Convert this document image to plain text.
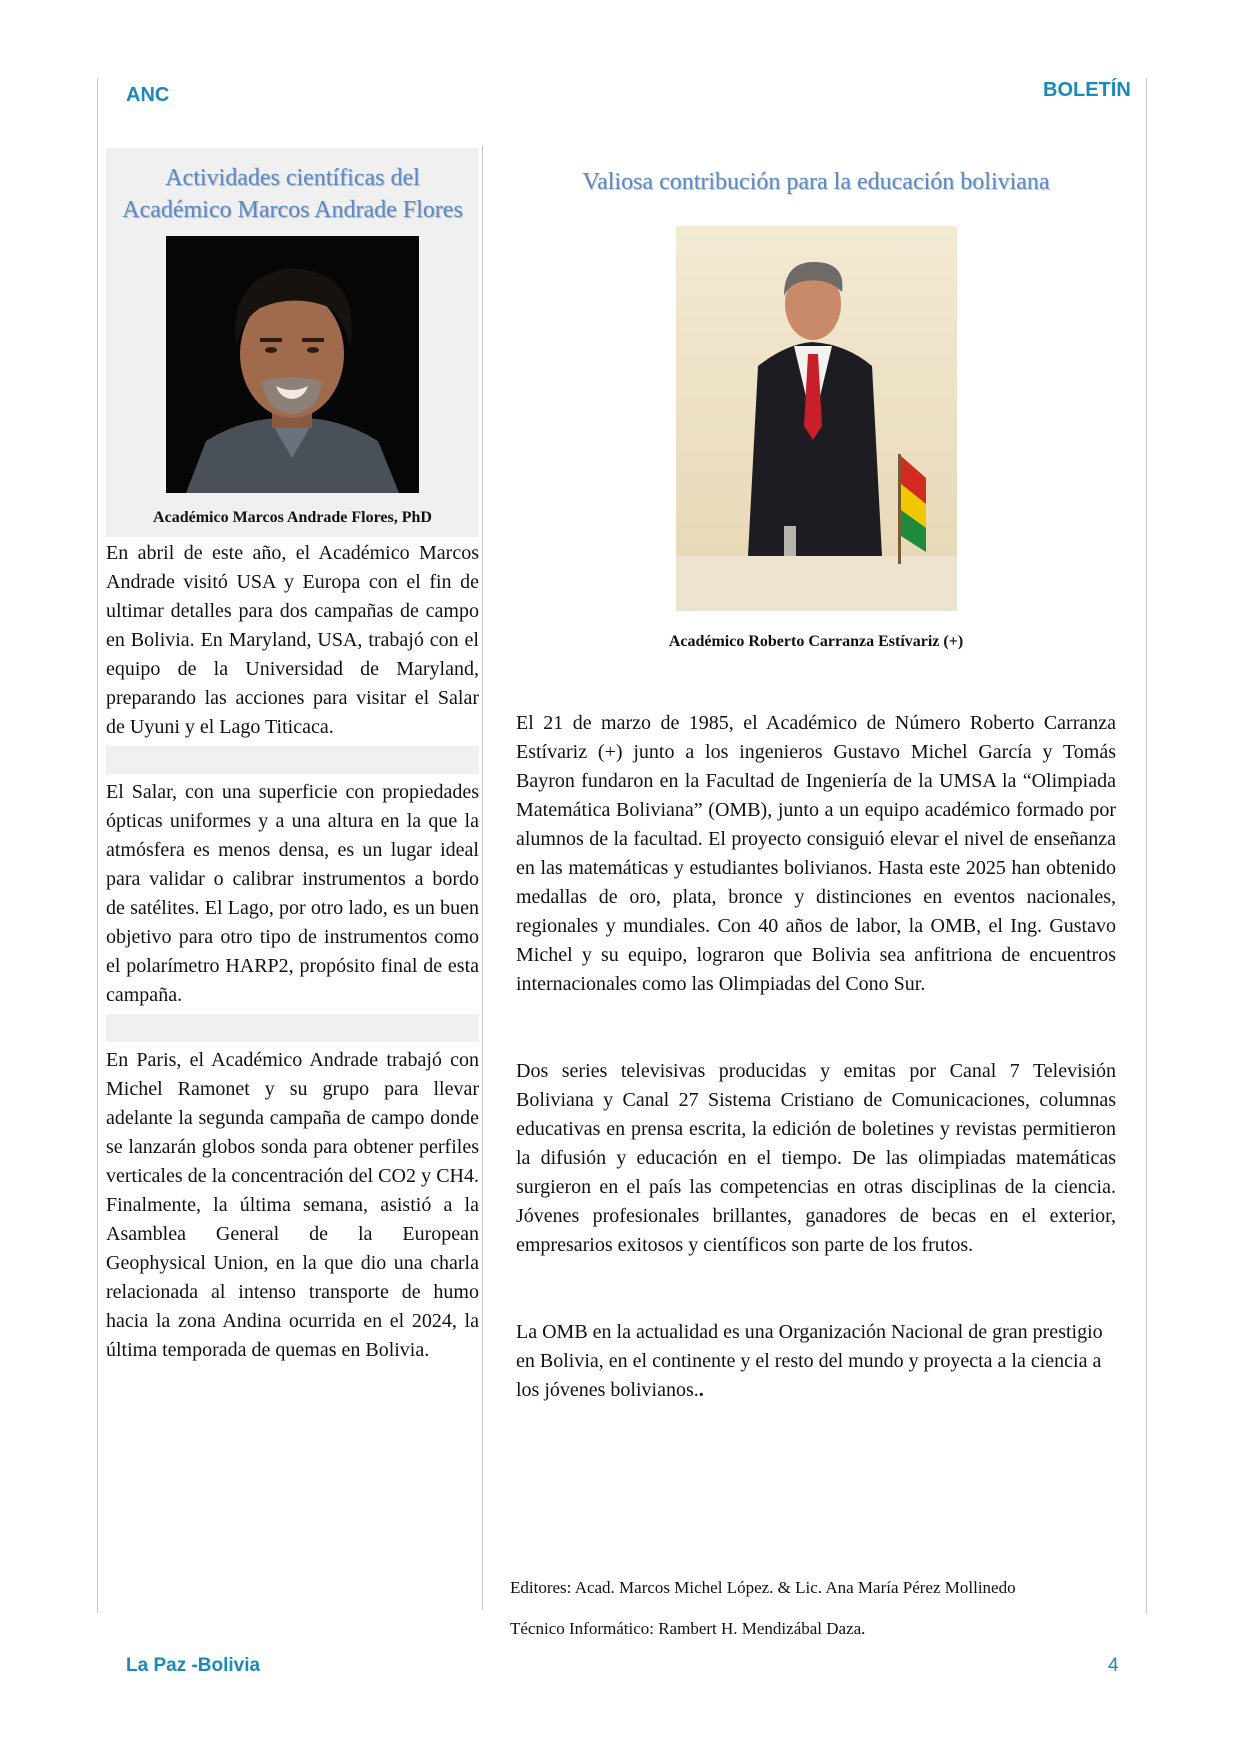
ANC	BOLETÍN
Actividades científicas del Académico Marcos Andrade Flores

Académico Marcos Andrade Flores, PhD

En abril de este año, el Académico Marcos Andrade visitó USA y Europa con el fin de ultimar detalles para dos campañas de campo en Bolivia. En Maryland, USA, trabajó con el equipo de la Universidad de Maryland, preparando las acciones para visitar el Salar de Uyuni y el Lago Titicaca.

El Salar, con una superficie con propiedades ópticas uniformes y a una altura en la que la atmósfera es menos densa, es un lugar ideal para validar o calibrar instrumentos a bordo de satélites. El Lago, por otro lado, es un buen objetivo para otro tipo de instrumentos como el polarímetro HARP2, propósito final de esta campaña.

En Paris, el Académico Andrade trabajó con Michel Ramonet y su grupo para llevar adelante la segunda campaña de campo donde se lanzarán globos sonda para obtener perfiles verticales de la concentración del CO2 y CH4. Finalmente, la última semana, asistió a la Asamblea General de la European Geophysical Union, en la que dio una charla relacionada al intenso transporte de humo hacia la zona Andina ocurrida en el 2024, la última temporada de quemas en Bolivia.

Valiosa contribución para la educación boliviana

Académico Roberto Carranza Estívariz (+)

El 21 de marzo de 1985, el Académico de Número Roberto Carranza Estívariz (+) junto a los ingenieros Gustavo Michel García y Tomás Bayron fundaron en la Facultad de Ingeniería de la UMSA la “Olimpiada Matemática Boliviana” (OMB), junto a un equipo académico formado por alumnos de la facultad. El proyecto consiguió elevar el nivel de enseñanza en las matemáticas y estudiantes bolivianos. Hasta este 2025 han obtenido medallas de oro, plata, bronce y distinciones en eventos nacionales, regionales y mundiales. Con 40 años de labor, la OMB, el Ing. Gustavo Michel y su equipo, lograron que Bolivia sea anfitriona de encuentros internacionales como las Olimpiadas del Cono Sur.

Dos series televisivas producidas y emitas por Canal 7 Televisión Boliviana y Canal 27 Sistema Cristiano de Comunicaciones, columnas educativas en prensa escrita, la edición de boletines y revistas permitieron la difusión y educación en el tiempo. De las olimpiadas matemáticas surgieron en el país las competencias en otras disciplinas de la ciencia. Jóvenes profesionales brillantes, ganadores de becas en el exterior, empresarios exitosos y científicos son parte de los frutos.

La OMB en la actualidad es una Organización Nacional de gran prestigio en Bolivia, en el continente y el resto del mundo y proyecta a la ciencia a los jóvenes bolivianos..

Editores: Acad. Marcos Michel López. & Lic. Ana María Pérez Mollinedo
Técnico Informático: Rambert H. Mendizábal Daza.
La Paz -Bolivia	4
